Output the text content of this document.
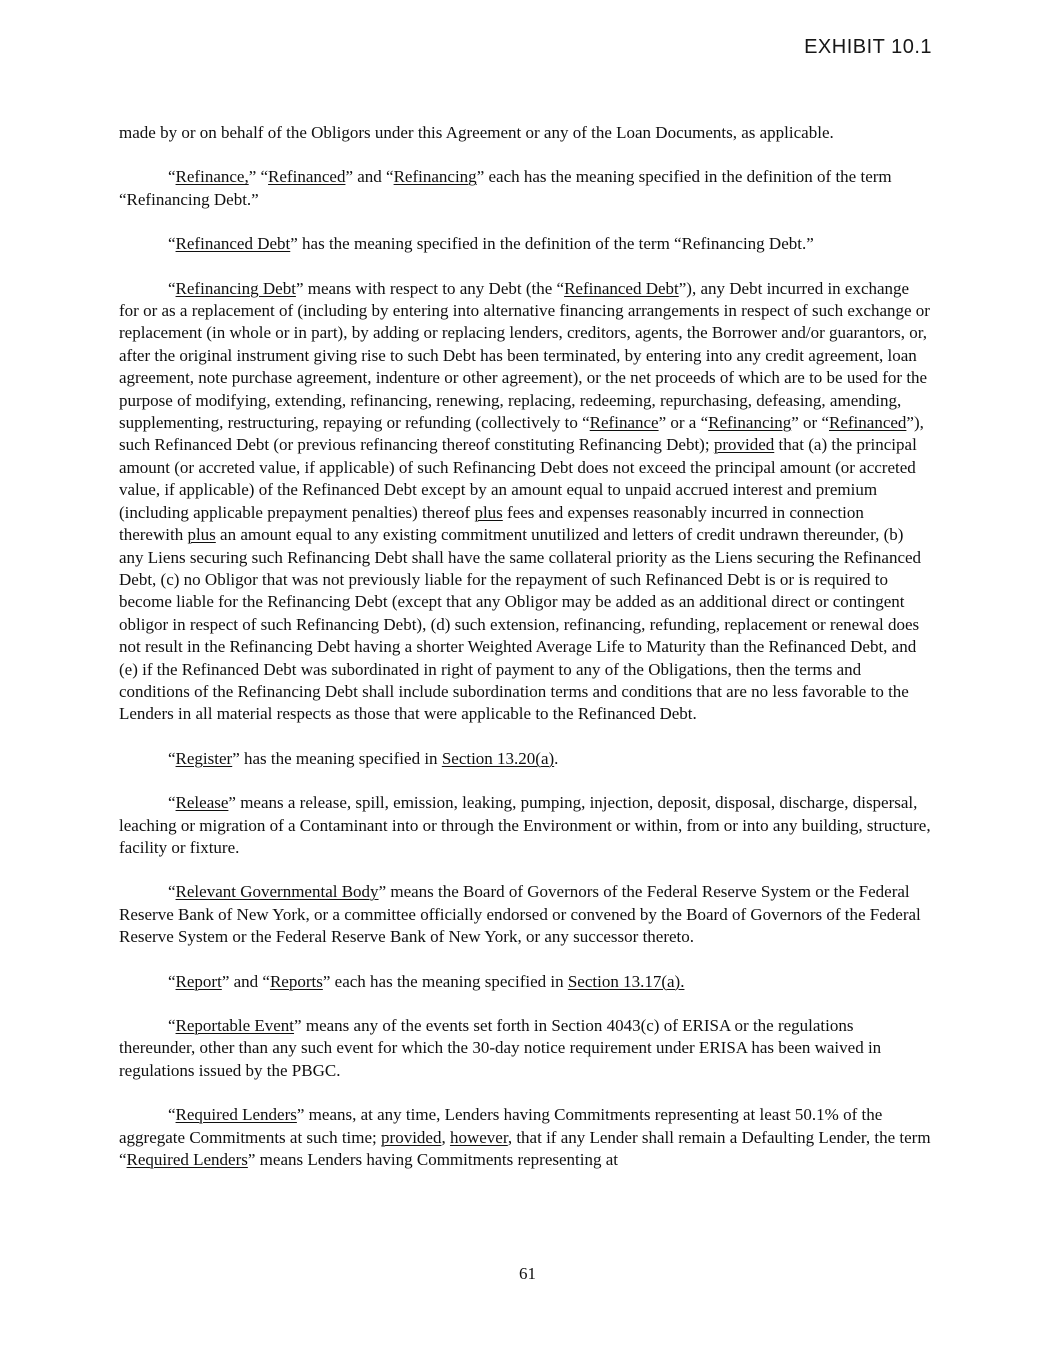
EXHIBIT 10.1

made by or on behalf of the Obligors under this Agreement or any of the Loan Documents, as applicable.

“Refinance,” “Refinanced” and “Refinancing” each has the meaning specified in the definition of the term “Refinancing Debt.”

“Refinanced Debt” has the meaning specified in the definition of the term “Refinancing Debt.”

“Refinancing Debt” means with respect to any Debt (the “Refinanced Debt”), any Debt incurred in exchange for or as a replacement of (including by entering into alternative financing arrangements in respect of such exchange or replacement (in whole or in part), by adding or replacing lenders, creditors, agents, the Borrower and/or guarantors, or, after the original instrument giving rise to such Debt has been terminated, by entering into any credit agreement, loan agreement, note purchase agreement, indenture or other agreement), or the net proceeds of which are to be used for the purpose of modifying, extending, refinancing, renewing, replacing, redeeming, repurchasing, defeasing, amending, supplementing, restructuring, repaying or refunding (collectively to “Refinance” or a “Refinancing” or “Refinanced”), such Refinanced Debt (or previous refinancing thereof constituting Refinancing Debt); provided that (a) the principal amount (or accreted value, if applicable) of such Refinancing Debt does not exceed the principal amount (or accreted value, if applicable) of the Refinanced Debt except by an amount equal to unpaid accrued interest and premium (including applicable prepayment penalties) thereof plus fees and expenses reasonably incurred in connection therewith plus an amount equal to any existing commitment unutilized and letters of credit undrawn thereunder, (b) any Liens securing such Refinancing Debt shall have the same collateral priority as the Liens securing the Refinanced Debt, (c) no Obligor that was not previously liable for the repayment of such Refinanced Debt is or is required to become liable for the Refinancing Debt (except that any Obligor may be added as an additional direct or contingent obligor in respect of such Refinancing Debt), (d) such extension, refinancing, refunding, replacement or renewal does not result in the Refinancing Debt having a shorter Weighted Average Life to Maturity than the Refinanced Debt, and (e) if the Refinanced Debt was subordinated in right of payment to any of the Obligations, then the terms and conditions of the Refinancing Debt shall include subordination terms and conditions that are no less favorable to the Lenders in all material respects as those that were applicable to the Refinanced Debt.

“Register” has the meaning specified in Section 13.20(a).

“Release” means a release, spill, emission, leaking, pumping, injection, deposit, disposal, discharge, dispersal, leaching or migration of a Contaminant into or through the Environment or within, from or into any building, structure, facility or fixture.

“Relevant Governmental Body” means the Board of Governors of the Federal Reserve System or the Federal Reserve Bank of New York, or a committee officially endorsed or convened by the Board of Governors of the Federal Reserve System or the Federal Reserve Bank of New York, or any successor thereto.

“Report” and “Reports” each has the meaning specified in Section 13.17(a).

“Reportable Event” means any of the events set forth in Section 4043(c) of ERISA or the regulations thereunder, other than any such event for which the 30-day notice requirement under ERISA has been waived in regulations issued by the PBGC.

“Required Lenders” means, at any time, Lenders having Commitments representing at least 50.1% of the aggregate Commitments at such time; provided, however, that if any Lender shall remain a Defaulting Lender, the term “Required Lenders” means Lenders having Commitments representing at

61
